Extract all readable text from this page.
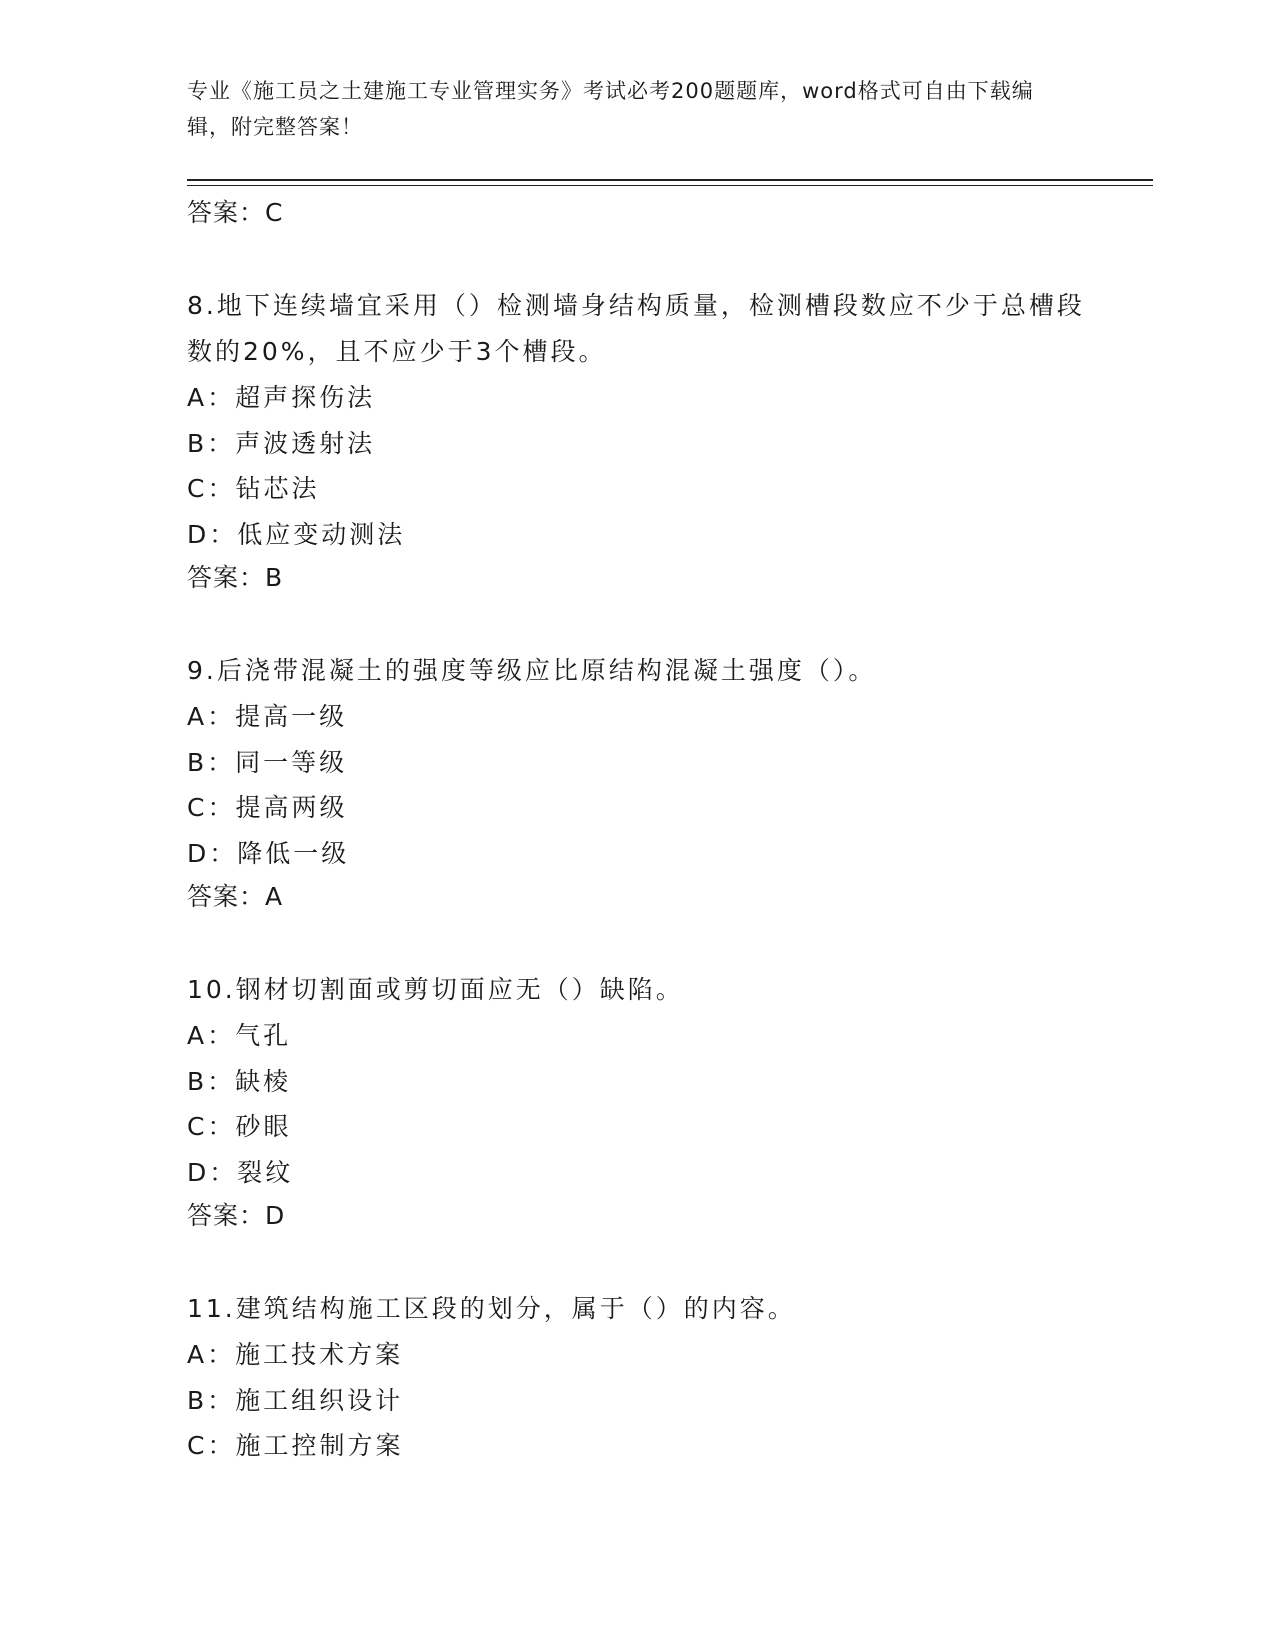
专业《施工员之土建施工专业管理实务》考试必考200题题库，word格式可自由下载编辑，附完整答案！

答案：C

8.地下连续墙宜采用（）检测墙身结构质量，检测槽段数应不少于总槽段数的20%，且不应少于3个槽段。

A：超声探伤法

B：声波透射法

C：钻芯法

D：低应变动测法

答案：B

9.后浇带混凝土的强度等级应比原结构混凝土强度（）。

A：提高一级

B：同一等级

C：提高两级

D：降低一级

答案：A

10.钢材切割面或剪切面应无（）缺陷。

A：气孔

B：缺棱

C：砂眼

D：裂纹

答案：D

11.建筑结构施工区段的划分，属于（）的内容。

A：施工技术方案

B：施工组织设计

C：施工控制方案
